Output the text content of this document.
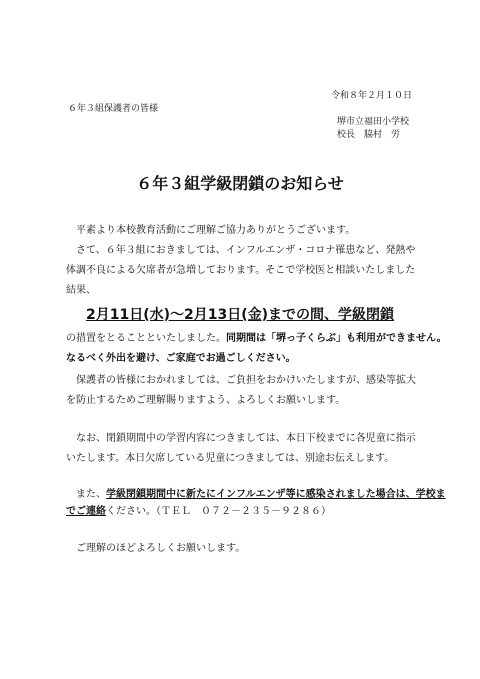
令和８年２月１０日
６年３組保護者の皆様
堺市立福田小学校
校長　脇村　労
６年３組学級閉鎖のお知らせ
平素より本校教育活動にご理解ご協力ありがとうございます。
さて、６年３組におきましては、インフルエンザ・コロナ罹患など、発熱や
体調不良による欠席者が急増しております。そこで学校医と相談いたしました
結果、
2月11日(水)～2月13日(金)までの間、学級閉鎖
の措置をとることといたしました。同期間は「堺っ子くらぶ」も利用ができません。
なるべく外出を避け、ご家庭でお過ごしください。
保護者の皆様におかれましては、ご負担をおかけいたしますが、感染等拡大
を防止するためご理解賜りますよう、よろしくお願いします。
なお、閉鎖期間中の学習内容につきましては、本日下校までに各児童に指示
いたします。本日欠席している児童につきましては、別途お伝えします。
また、学級閉鎖期間中に新たにインフルエンザ等に感染されました場合は、学校ま
でご連絡ください。（ＴＥＬ　０７２－２３５－９２８６）
ご理解のほどよろしくお願いします。
